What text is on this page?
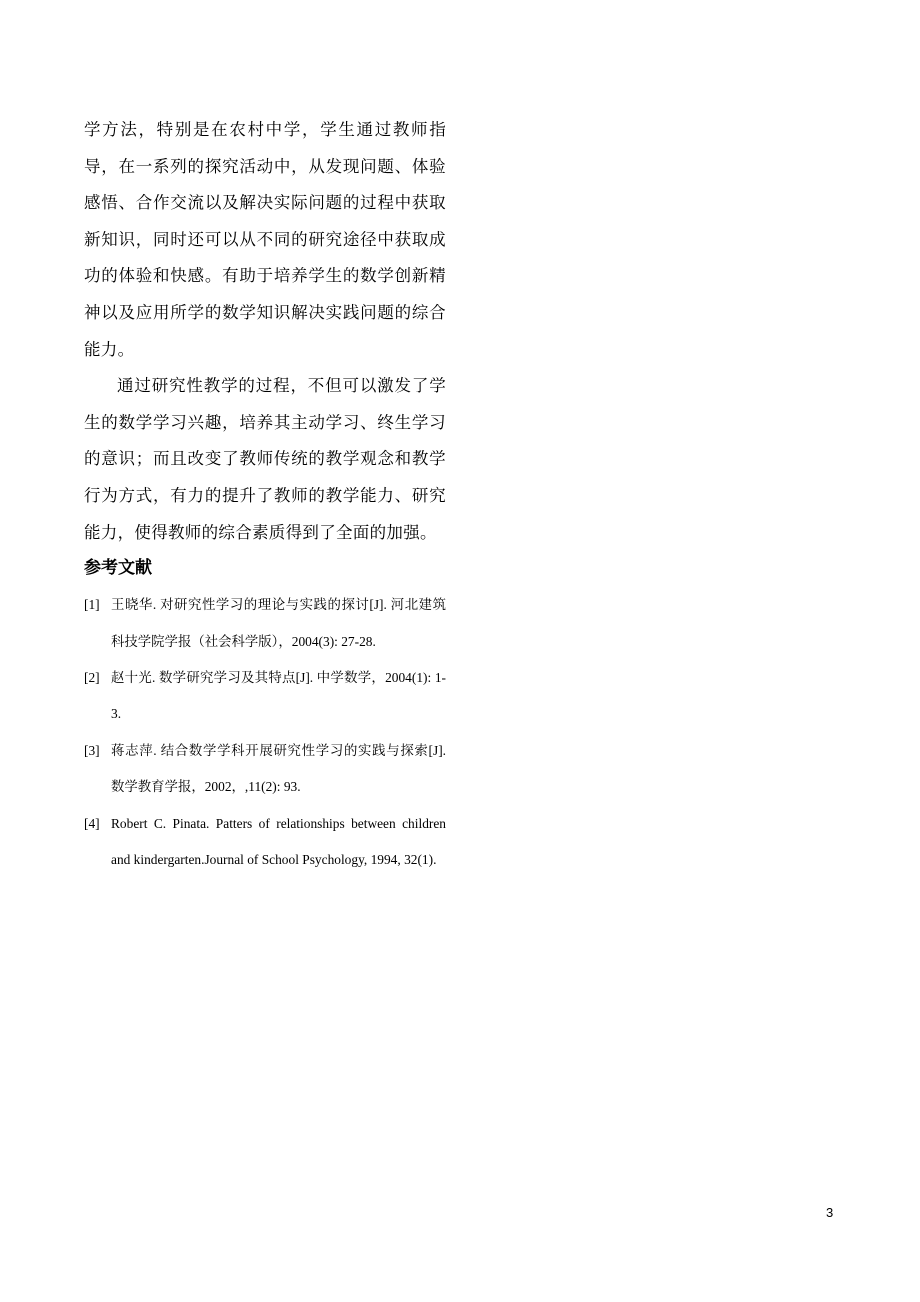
学方法，特别是在农村中学，学生通过教师指导，在一系列的探究活动中，从发现问题、体验感悟、合作交流以及解决实际问题的过程中获取新知识，同时还可以从不同的研究途径中获取成功的体验和快感。有助于培养学生的数学创新精神以及应用所学的数学知识解决实践问题的综合能力。

通过研究性教学的过程，不但可以激发了学生的数学学习兴趣，培养其主动学习、终生学习的意识；而且改变了教师传统的教学观念和教学行为方式，有力的提升了教师的教学能力、研究能力，使得教师的综合素质得到了全面的加强。

参考文献
[1] 王晓华. 对研究性学习的理论与实践的探讨[J]. 河北建筑科技学院学报（社会科学版），2004(3): 27-28.
[2] 赵十光. 数学研究学习及其特点[J]. 中学数学，2004(1): 1-3.
[3] 蒋志萍. 结合数学学科开展研究性学习的实践与探索[J]. 数学教育学报，2002，,11(2): 93.
[4] Robert C. Pinata. Patters of relationships between children and kindergarten.Journal of School Psychology, 1994, 32(1).
3
